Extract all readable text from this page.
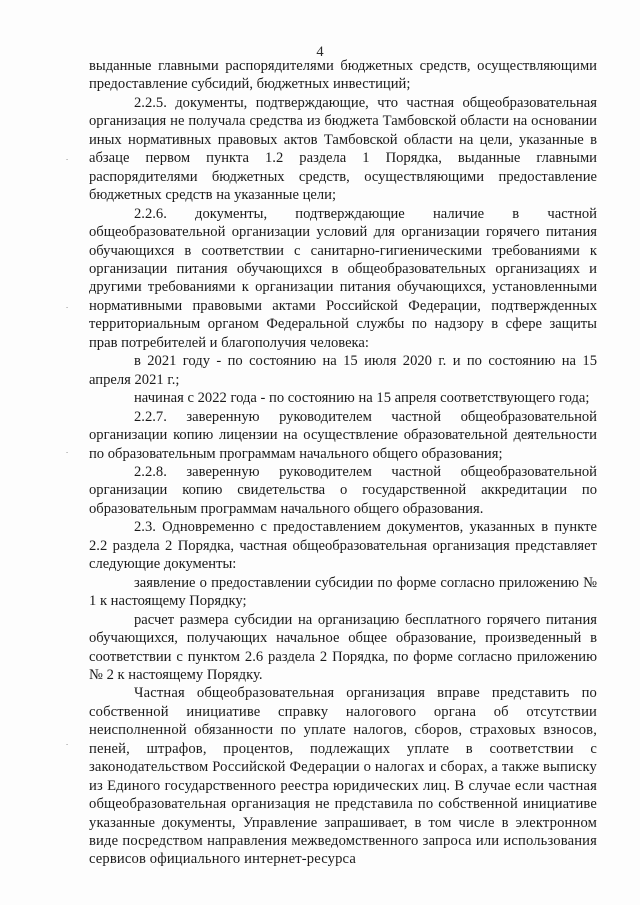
4

выданные главными распорядителями бюджетных средств, осуществляющими предоставление субсидий, бюджетных инвестиций;

2.2.5. документы, подтверждающие, что частная общеобразовательная организация не получала средства из бюджета Тамбовской области на основании иных нормативных правовых актов Тамбовской области на цели, указанные в абзаце первом пункта 1.2 раздела 1 Порядка, выданные главными распорядителями бюджетных средств, осуществляющими предоставление бюджетных средств на указанные цели;

2.2.6. документы, подтверждающие наличие в частной общеобразовательной организации условий для организации горячего питания обучающихся в соответствии с санитарно-гигиеническими требованиями к организации питания обучающихся в общеобразовательных организациях и другими требованиями к организации питания обучающихся, установленными нормативными правовыми актами Российской Федерации, подтвержденных территориальным органом Федеральной службы по надзору в сфере защиты прав потребителей и благополучия человека:

в 2021 году - по состоянию на 15 июля 2020 г. и по состоянию на 15 апреля 2021 г.;

начиная с 2022 года - по состоянию на 15 апреля соответствующего года;

2.2.7. заверенную руководителем частной общеобразовательной организации копию лицензии на осуществление образовательной деятельности по образовательным программам начального общего образования;

2.2.8. заверенную руководителем частной общеобразовательной организации копию свидетельства о государственной аккредитации по образовательным программам начального общего образования.

2.3. Одновременно с предоставлением документов, указанных в пункте 2.2 раздела 2 Порядка, частная общеобразовательная организация представляет следующие документы:

заявление о предоставлении субсидии по форме согласно приложению № 1 к настоящему Порядку;

расчет размера субсидии на организацию бесплатного горячего питания обучающихся, получающих начальное общее образование, произведенный в соответствии с пунктом 2.6 раздела 2 Порядка, по форме согласно приложению № 2 к настоящему Порядку.

Частная общеобразовательная организация вправе представить по собственной инициативе справку налогового органа об отсутствии неисполненной обязанности по уплате налогов, сборов, страховых взносов, пеней, штрафов, процентов, подлежащих уплате в соответствии с законодательством Российской Федерации о налогах и сборах, а также выписку из Единого государственного реестра юридических лиц. В случае если частная общеобразовательная организация не представила по собственной инициативе указанные документы, Управление запрашивает, в том числе в электронном виде посредством направления межведомственного запроса или использования сервисов официального интернет-ресурса

-
-
-
-
